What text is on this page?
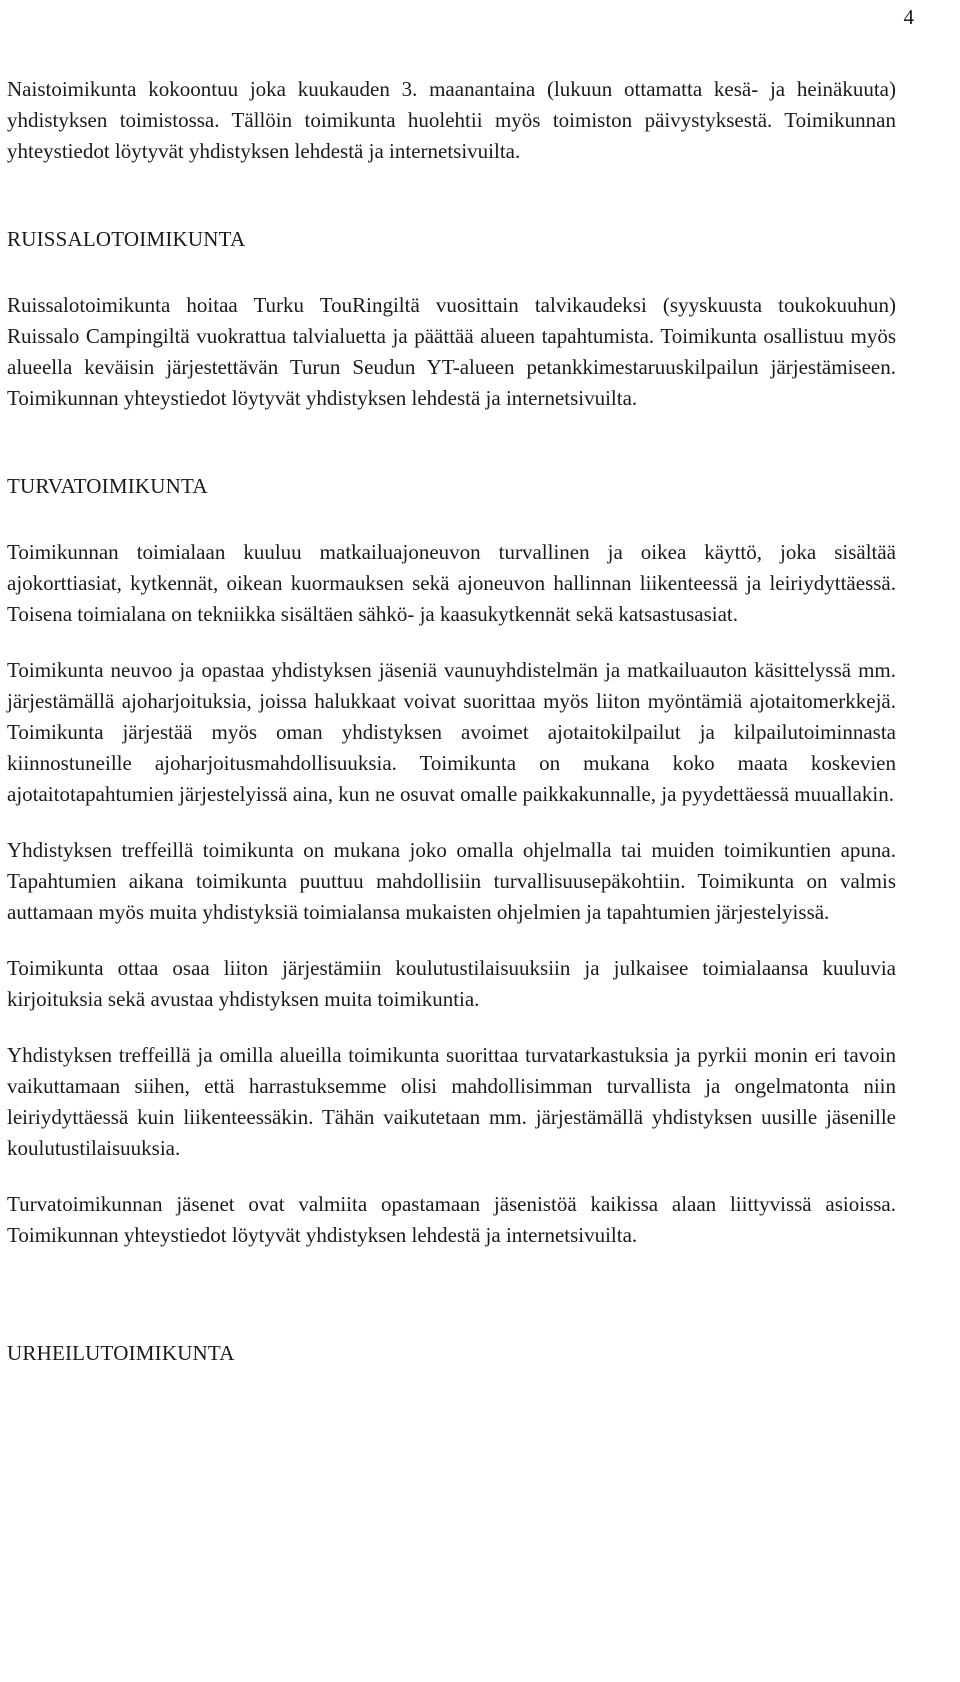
4

Naistoimikunta kokoontuu joka kuukauden 3. maanantaina (lukuun ottamatta kesä- ja heinäkuuta) yhdistyksen toimistossa. Tällöin toimikunta huolehtii myös toimiston päivystyksestä. Toimikunnan yhteystiedot löytyvät yhdistyksen lehdestä ja internetsivuilta.

RUISSALOTOIMIKUNTA

Ruissalotoimikunta hoitaa Turku TouRingiltä vuosittain talvikaudeksi (syyskuusta toukokuuhun) Ruissalo Campingiltä vuokrattua talvialuetta ja päättää alueen tapahtumista. Toimikunta osallistuu myös alueella keväisin järjestettävän Turun Seudun YT-alueen petankkimestaruuskilpailun järjestämiseen. Toimikunnan yhteystiedot löytyvät yhdistyksen lehdestä ja internetsivuilta.

TURVATOIMIKUNTA

Toimikunnan toimialaan kuuluu matkailuajoneuvon turvallinen ja oikea käyttö, joka sisältää ajokorttiasiat, kytkennät, oikean kuormauksen sekä ajoneuvon hallinnan liikenteessä ja leiriydyttäessä. Toisena toimialana on tekniikka sisältäen sähkö- ja kaasukytkennät sekä katsastusasiat.

Toimikunta neuvoo ja opastaa yhdistyksen jäseniä vaunuyhdistelmän ja matkailuauton käsittelyssä mm. järjestämällä ajoharjoituksia, joissa halukkaat voivat suorittaa myös liiton myöntämiä ajotaitomerkkejä. Toimikunta järjestää myös oman yhdistyksen avoimet ajotaitokilpailut ja kilpailutoiminnasta kiinnostuneille ajoharjoitusmahdollisuuksia. Toimikunta on mukana koko maata koskevien ajotaitotapahtumien järjestelyissä aina, kun ne osuvat omalle paikkakunnalle, ja pyydettäessä muuallakin.

Yhdistyksen treffeillä toimikunta on mukana joko omalla ohjelmalla tai muiden toimikuntien apuna. Tapahtumien aikana toimikunta puuttuu mahdollisiin turvallisuusepäkohtiin. Toimikunta on valmis auttamaan myös muita yhdistyksiä toimialansa mukaisten ohjelmien ja tapahtumien järjestelyissä.

Toimikunta ottaa osaa liiton järjestämiin koulutustilaisuuksiin ja julkaisee toimialaansa kuuluvia kirjoituksia sekä avustaa yhdistyksen muita toimikuntia.

Yhdistyksen treffeillä ja omilla alueilla toimikunta suorittaa turvatarkastuksia ja pyrkii monin eri tavoin vaikuttamaan siihen, että harrastuksemme olisi mahdollisimman turvallista ja ongelmatonta niin leiriydyttäessä kuin liikenteessäkin. Tähän vaikutetaan mm. järjestämällä yhdistyksen uusille jäsenille koulutustilaisuuksia.

Turvatoimikunnan jäsenet ovat valmiita opastamaan jäsenistöä kaikissa alaan liittyvissä asioissa. Toimikunnan yhteystiedot löytyvät yhdistyksen lehdestä ja internetsivuilta.

URHEILUTOIMIKUNTA
